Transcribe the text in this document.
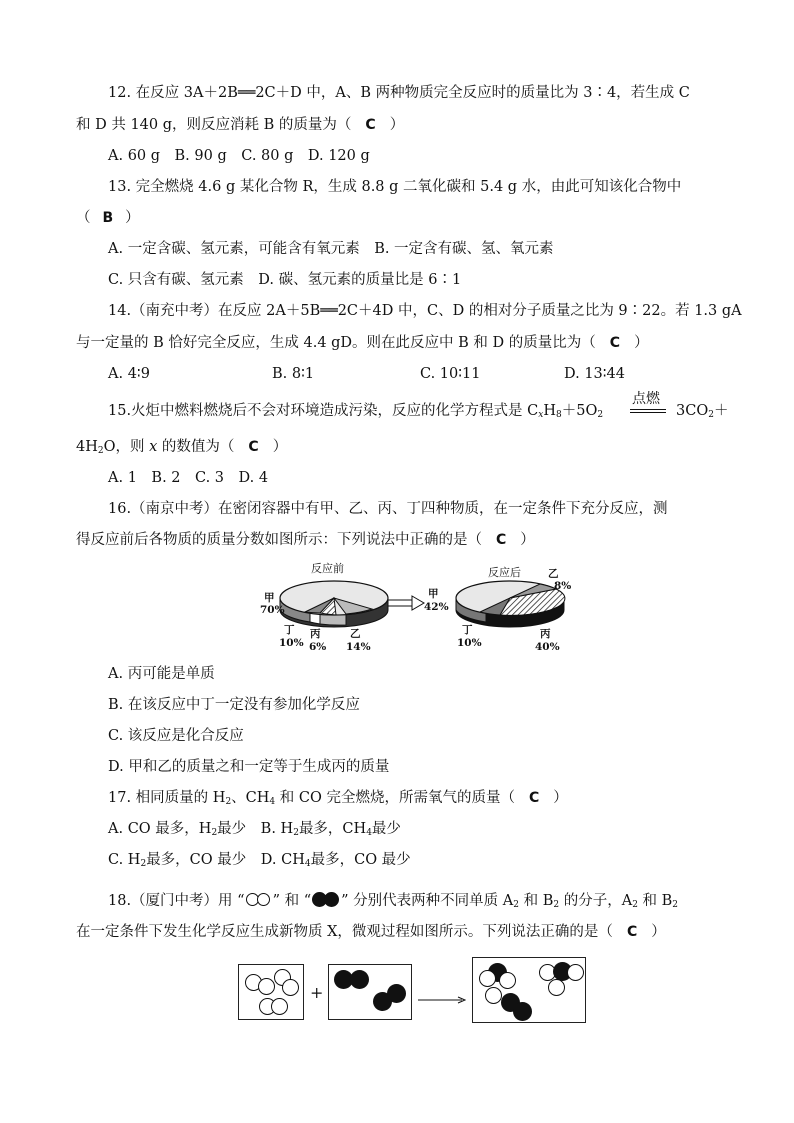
12. 在反应 3A＋2B══2C＋D 中，A、B 两种物质完全反应时的质量比为 3∶4，若生成 C
和 D 共 140 g，则反应消耗 B 的质量为（ C ）
A. 60 g　B. 90 g　C. 80 g　D. 120 g
13. 完全燃烧 4.6 g 某化合物 R，生成 8.8 g 二氧化碳和 5.4 g 水，由此可知该化合物中
（ B ）
A. 一定含碳、氢元素，可能含有氧元素　B. 一定含有碳、氢、氧元素
C. 只含有碳、氢元素　D. 碳、氢元素的质量比是 6∶1
14.（南充中考）在反应 2A＋5B══2C＋4D 中，C、D 的相对分子质量之比为 9∶22。若 1.3 gA
与一定量的 B 恰好完全反应，生成 4.4 gD。则在此反应中 B 和 D 的质量比为（ C ）
A. 4∶9	B. 8∶1	C. 10∶11	D. 13∶44
15.火炬中燃料燃烧后不会对环境造成污染，反应的化学方程式是 $C_xH_8+5O_2$
点燃
$3CO_2+$
$4H_2O$，则 x 的数值为（ C ）
A. 1　B. 2　C. 3　D. 4
16.（南京中考）在密闭容器中有甲、乙、丙、丁四种物质，在一定条件下充分反应，测
得反应前后各物质的质量分数如图所示：下列说法中正确的是（ C ）
反应前
甲
70%
丁
10%
丙
6%
乙
14%
反应后	乙
8%
甲
42%
丁
10%
丙
40%
A. 丙可能是单质
B. 在该反应中丁一定没有参加化学反应
C. 该反应是化合反应
D. 甲和乙的质量之和一定等于生成丙的质量
17. 相同质量的 $H_2$、$CH_4$ 和 CO 完全燃烧，所需氧气的质量（ C ）
A. CO 最多，$H_2$最少　B. $H_2$最多，$CH_4$最少
C. $H_2$最多，CO 最少　D. $CH_4$最多，CO 最少
18.（厦门中考）用 “ ” 和 “ ” 分别代表两种不同单质 $A_2$ 和 $B_2$ 的分子，$A_2$ 和 $B_2$
在一定条件下发生化学反应生成新物质 X，微观过程如图所示。下列说法正确的是（ C ）
+
